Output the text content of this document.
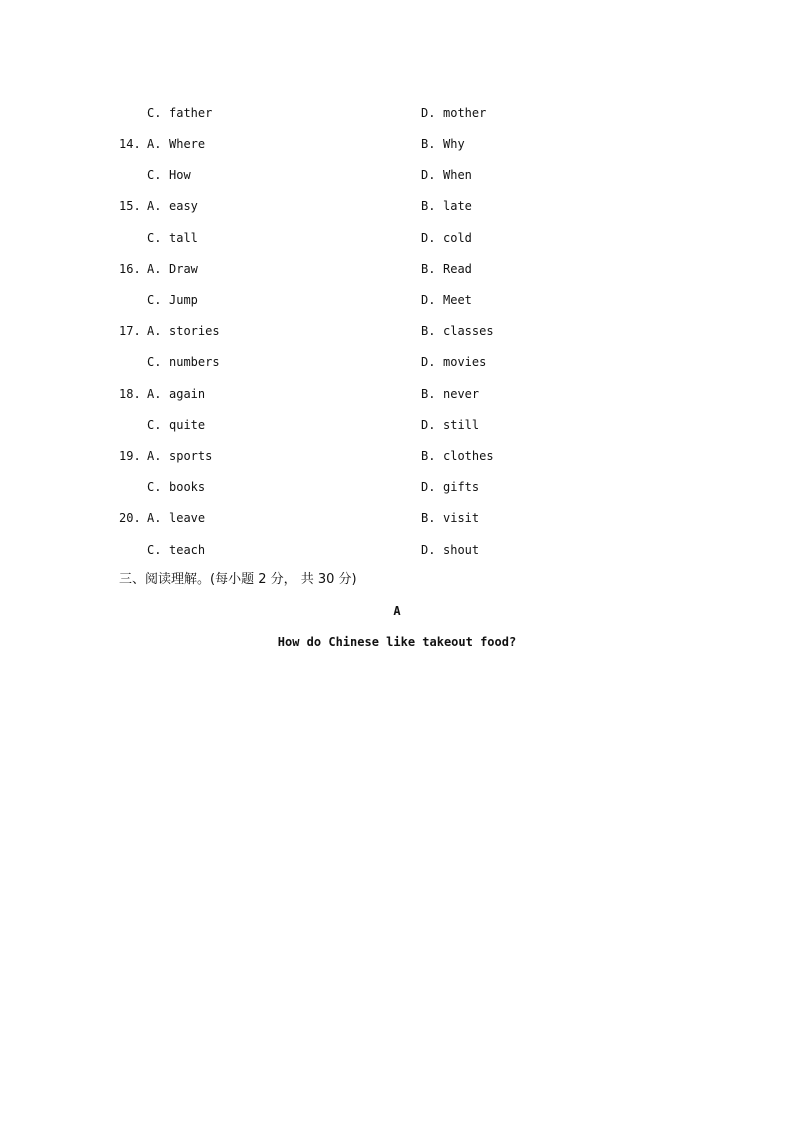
C. father	D. mother
14. A. Where	B. Why
C. How	D. When
15. A. easy	B. late
C. tall	D. cold
16. A. Draw	B. Read
C. Jump	D. Meet
17. A. stories	B. classes
C. numbers	D. movies
18. A. again	B. never
C. quite	D. still
19. A. sports	B. clothes
C. books	D. gifts
20. A. leave	B. visit
C. teach	D. shout
三、阅读理解。(每小题 2 分， 共 30 分)
A
How do Chinese like takeout food?
